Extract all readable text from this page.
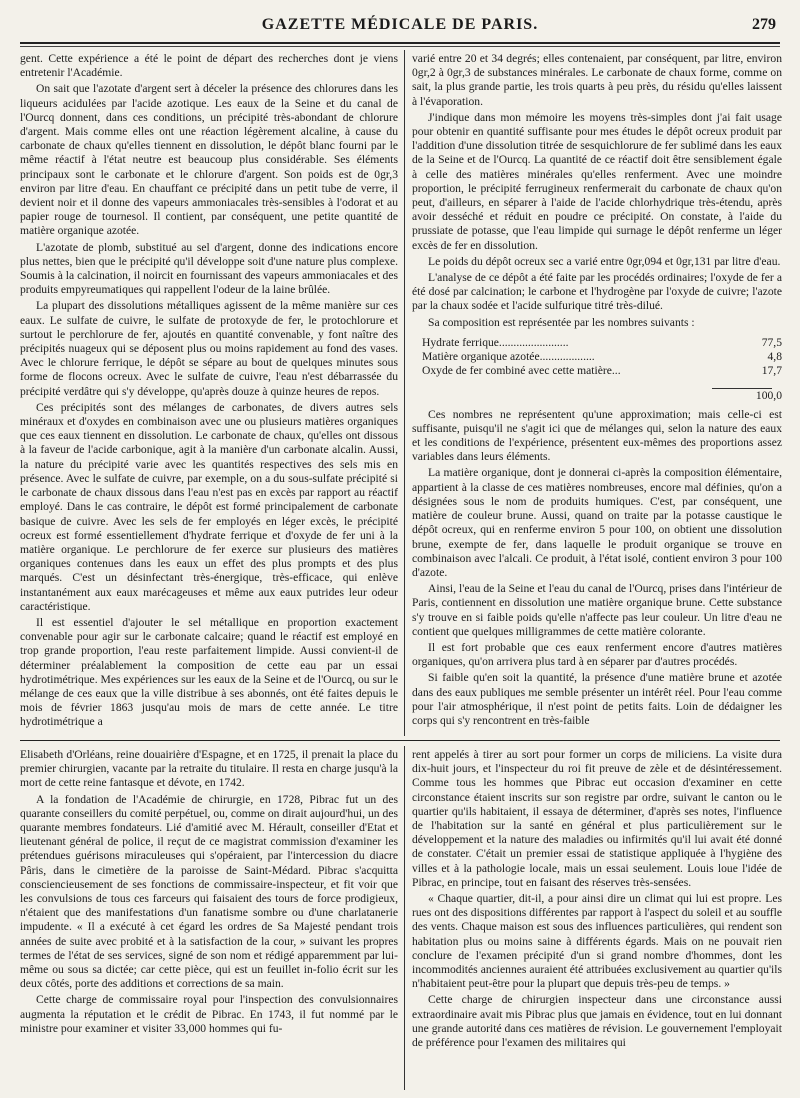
GAZETTE MÉDICALE DE PARIS.	279

gent. Cette expérience a été le point de départ des recherches dont je viens entretenir l'Académie.

On sait que l'azotate d'argent sert à déceler la présence des chlorures dans les liqueurs acidulées par l'acide azotique. Les eaux de la Seine et du canal de l'Ourcq donnent, dans ces conditions, un précipité très-abondant de chlorure d'argent. Mais comme elles ont une réaction légèrement alcaline, à cause du carbonate de chaux qu'elles tiennent en dissolution, le dépôt blanc fourni par le même réactif à l'état neutre est beaucoup plus considérable. Ses éléments principaux sont le carbonate et le chlorure d'argent. Son poids est de 0gr,3 environ par litre d'eau. En chauffant ce précipité dans un petit tube de verre, il devient noir et il donne des vapeurs ammoniacales très-sensibles à l'odorat et au papier rouge de tournesol. Il contient, par conséquent, une petite quantité de matière organique azotée.

L'azotate de plomb, substitué au sel d'argent, donne des indications encore plus nettes, bien que le précipité qu'il développe soit d'une nature plus complexe. Soumis à la calcination, il noircit en fournissant des vapeurs ammoniacales et des produits empyreumatiques qui rappellent l'odeur de la laine brûlée.

La plupart des dissolutions métalliques agissent de la même manière sur ces eaux. Le sulfate de cuivre, le sulfate de protoxyde de fer, le protochlorure et surtout le perchlorure de fer, ajoutés en quantité convenable, y font naître des précipités nuageux qui se déposent plus ou moins rapidement au fond des vases. Avec le chlorure ferrique, le dépôt se sépare au bout de quelques minutes sous forme de flocons ocreux. Avec le sulfate de cuivre, l'eau n'est débarrassée du précipité verdâtre qui s'y développe, qu'après douze à quinze heures de repos.

Ces précipités sont des mélanges de carbonates, de divers autres sels minéraux et d'oxydes en combinaison avec une ou plusieurs matières organiques que ces eaux tiennent en dissolution. Le carbonate de chaux, qu'elles ont dissous à la faveur de l'acide carbonique, agit à la manière d'un carbonate alcalin. Aussi, la nature du précipité varie avec les quantités respectives des sels mis en présence. Avec le sulfate de cuivre, par exemple, on a du sous-sulfate précipité si le carbonate de chaux dissous dans l'eau n'est pas en excès par rapport au réactif employé. Dans le cas contraire, le dépôt est formé principalement de carbonate basique de cuivre. Avec les sels de fer employés en léger excès, le précipité ocreux est formé essentiellement d'hydrate ferrique et d'oxyde de fer uni à la matière organique. Le perchlorure de fer exerce sur plusieurs des matières organiques contenues dans les eaux un effet des plus prompts et des plus marqués. C'est un désinfectant très-énergique, très-efficace, qui enlève instantanément aux eaux marécageuses et même aux eaux putrides leur odeur caractéristique.

Il est essentiel d'ajouter le sel métallique en proportion exactement convenable pour agir sur le carbonate calcaire; quand le réactif est employé en trop grande proportion, l'eau reste parfaitement limpide. Aussi convient-il de déterminer préalablement la composition de cette eau par un essai hydrotimétrique. Mes expériences sur les eaux de la Seine et de l'Ourcq, ou sur le mélange de ces eaux que la ville distribue à ses abonnés, ont été faites depuis le mois de février 1863 jusqu'au mois de mars de cette année. Le titre hydrotimétrique a

varié entre 20 et 34 degrés; elles contenaient, par conséquent, par litre, environ 0gr,2 à 0gr,3 de substances minérales. Le carbonate de chaux forme, comme on sait, la plus grande partie, les trois quarts à peu près, du résidu qu'elles laissent à l'évaporation.

J'indique dans mon mémoire les moyens très-simples dont j'ai fait usage pour obtenir en quantité suffisante pour mes études le dépôt ocreux produit par l'addition d'une dissolution titrée de sesquichlorure de fer sublimé dans les eaux de la Seine et de l'Ourcq. La quantité de ce réactif doit être sensiblement égale à celle des matières minérales qu'elles renferment. Avec une moindre proportion, le précipité ferrugineux renfermerait du carbonate de chaux qu'on peut, d'ailleurs, en séparer à l'aide de l'acide chlorhydrique très-étendu, après avoir desséché et réduit en poudre ce précipité. On constate, à l'aide du prussiate de potasse, que l'eau limpide qui surnage le dépôt renferme un léger excès de fer en dissolution.

Le poids du dépôt ocreux sec a varié entre 0gr,094 et 0gr,131 par litre d'eau.

L'analyse de ce dépôt a été faite par les procédés ordinaires; l'oxyde de fer a été dosé par calcination; le carbone et l'hydrogène par l'oxyde de cuivre; l'azote par la chaux sodée et l'acide sulfurique titré très-dilué.

Sa composition est représentée par les nombres suivants :

Hydrate ferrique........................	77,5
Matière organique azotée...................	4,8
Oxyde de fer combiné avec cette matière...	17,7
100,0

Ces nombres ne représentent qu'une approximation; mais celle-ci est suffisante, puisqu'il ne s'agit ici que de mélanges qui, selon la nature des eaux et les conditions de l'expérience, présentent eux-mêmes des proportions assez variables dans leurs éléments.

La matière organique, dont je donnerai ci-après la composition élémentaire, appartient à la classe de ces matières nombreuses, encore mal définies, qu'on a désignées sous le nom de produits humiques. C'est, par conséquent, une matière de couleur brune. Aussi, quand on traite par la potasse caustique le dépôt ocreux, qui en renferme environ 5 pour 100, on obtient une dissolution brune, exempte de fer, dans laquelle le produit organique se trouve en combinaison avec l'alcali. Ce produit, à l'état isolé, contient environ 3 pour 100 d'azote.

Ainsi, l'eau de la Seine et l'eau du canal de l'Ourcq, prises dans l'intérieur de Paris, contiennent en dissolution une matière organique brune. Cette substance s'y trouve en si faible poids qu'elle n'affecte pas leur couleur. Un litre d'eau ne contient que quelques milligrammes de cette matière colorante.

Il est fort probable que ces eaux renferment encore d'autres matières organiques, qu'on arrivera plus tard à en séparer par d'autres procédés.

Si faible qu'en soit la quantité, la présence d'une matière brune et azotée dans des eaux publiques me semble présenter un intérêt réel. Pour l'eau comme pour l'air atmosphérique, il n'est point de petits faits. Loin de dédaigner les corps qui s'y rencontrent en très-faible

Elisabeth d'Orléans, reine douairière d'Espagne, et en 1725, il prenait la place du premier chirurgien, vacante par la retraite du titulaire. Il resta en charge jusqu'à la mort de cette reine fantasque et dévote, en 1742.

A la fondation de l'Académie de chirurgie, en 1728, Pibrac fut un des quarante conseillers du comité perpétuel, ou, comme on dirait aujourd'hui, un des quarante membres fondateurs. Lié d'amitié avec M. Hérault, conseiller d'Etat et lieutenant général de police, il reçut de ce magistrat commission d'examiner les prétendues guérisons miraculeuses qui s'opéraient, par l'intercession du diacre Pâris, dans le cimetière de la paroisse de Saint-Médard. Pibrac s'acquitta consciencieusement de ses fonctions de commissaire-inspecteur, et fit voir que les convulsions de tous ces farceurs qui faisaient des tours de force prodigieux, n'étaient que des manifestations d'un fanatisme sombre ou d'une charlatanerie impudente. « Il a exécuté à cet égard les ordres de Sa Majesté pendant trois années de suite avec probité et à la satisfaction de la cour, » suivant les propres termes de l'état de ses services, signé de son nom et rédigé apparemment par lui-même ou sous sa dictée; car cette pièce, qui est un feuillet in-folio écrit sur les deux côtés, porte des additions et corrections de sa main.

Cette charge de commissaire royal pour l'inspection des convulsionnaires augmenta la réputation et le crédit de Pibrac. En 1743, il fut nommé par le ministre pour examiner et visiter 33,000 hommes qui fu-

rent appelés à tirer au sort pour former un corps de miliciens. La visite dura dix-huit jours, et l'inspecteur du roi fit preuve de zèle et de désintéressement. Comme tous les hommes que Pibrac eut occasion d'examiner en cette circonstance étaient inscrits sur son registre par ordre, suivant le canton ou le quartier qu'ils habitaient, il essaya de déterminer, d'après ses notes, l'influence de l'habitation sur la santé en général et plus particulièrement sur le développement et la nature des maladies ou infirmités qu'il lui avait été donné de constater. C'était un premier essai de statistique appliquée à l'hygiène des villes et à la pathologie locale, mais un essai seulement. Louis loue l'idée de Pibrac, en principe, tout en faisant des réserves très-sensées.

« Chaque quartier, dit-il, a pour ainsi dire un climat qui lui est propre. Les rues ont des dispositions différentes par rapport à l'aspect du soleil et au souffle des vents. Chaque maison est sous des influences particulières, qui rendent son habitation plus ou moins saine à différents égards. Mais on ne pouvait rien conclure de l'examen précipité d'un si grand nombre d'hommes, dont les incommodités anciennes auraient été attribuées exclusivement au quartier qu'ils n'habitaient peut-être pour la plupart que depuis très-peu de temps. »

Cette charge de chirurgien inspecteur dans une circonstance aussi extraordinaire avait mis Pibrac plus que jamais en évidence, tout en lui donnant une grande autorité dans ces matières de révision. Le gouvernement l'employait de préférence pour l'examen des militaires qui
